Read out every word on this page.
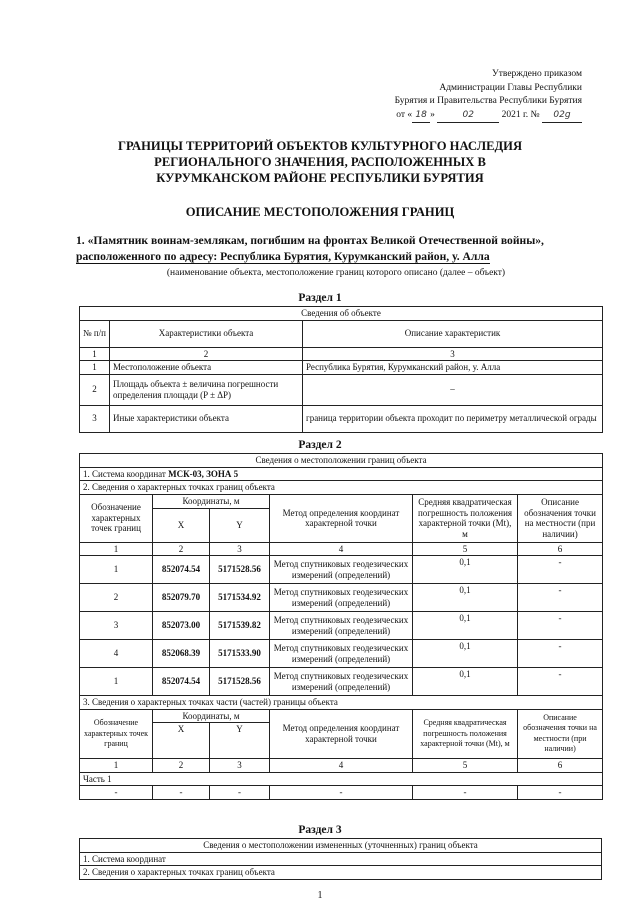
Утверждено приказом
Администрации Главы Республики
Бурятия и Правительства Республики Бурятия
от « 18 »	02	2021 г. № 02g
ГРАНИЦЫ ТЕРРИТОРИЙ ОБЪЕКТОВ КУЛЬТУРНОГО НАСЛЕДИЯ
РЕГИОНАЛЬНОГО ЗНАЧЕНИЯ, РАСПОЛОЖЕННЫХ В
КУРУМКАНСКОМ РАЙОНЕ РЕСПУБЛИКИ БУРЯТИЯ
ОПИСАНИЕ МЕСТОПОЛОЖЕНИЯ ГРАНИЦ
1. «Памятник воинам-землякам, погибшим на фронтах Великой Отечественной войны»,
расположенного по адресу: Республика Бурятия, Курумканский район, у. Алла
(наименование объекта, местоположение границ которого описано (далее – объект)
Раздел 1
Сведения об объекте		
№ п/п	Характеристики объекта	Описание характеристик
1	2	3
1	Местоположение объекта	Республика Бурятия, Курумканский район, у. Алла
2	Площадь объекта ± величина погрешности определения площади (P ± ΔP)	–
3	Иные характеристики объекта	граница территории объекта проходит по периметру металлической ограды
Раздел 2
Сведения о местоположении границ объекта					
1. Система координат МСК-03, ЗОНА 5					
2. Сведения о характерных точках границ объекта					
Обозначение характерных точек границ	Координаты, м		Метод определения координат характерной точки	Средняя квадратическая погрешность положения характерной точки (Mt), м	Описание обозначения точки на местности (при наличии)
	X	Y			
1	2	3	4	5	6
1	852074.54	5171528.56	Метод спутниковых геодезических измерений (определений)	0,1	-
2	852079.70	5171534.92	Метод спутниковых геодезических измерений (определений)	0,1	-
3	852073.00	5171539.82	Метод спутниковых геодезических измерений (определений)	0,1	-
4	852068.39	5171533.90	Метод спутниковых геодезических измерений (определений)	0,1	-
1	852074.54	5171528.56	Метод спутниковых геодезических измерений (определений)	0,1	-
3. Сведения о характерных точках части (частей) границы объекта					
Обозначение характерных точек границ	Координаты, м		Метод определения координат характерной точки	Средняя квадратическая погрешность положения характерной точки (Mt), м	Описание обозначения точки на местности (при наличии)
	X	Y			
1	2	3	4	5	6
Часть 1					
-	-	-	-	-	-
Раздел 3
Сведения о местоположении измененных (уточненных) границ объекта
1. Система координат
2. Сведения о характерных точках границ объекта
1
